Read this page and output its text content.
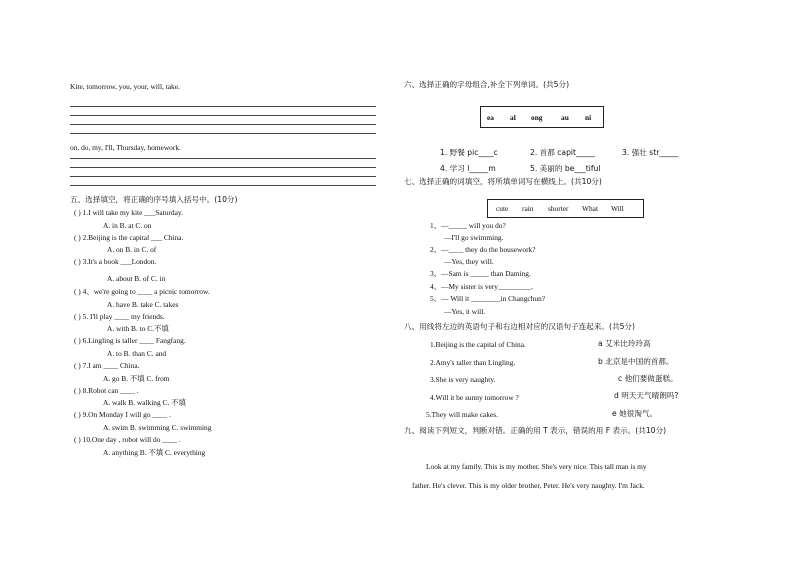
Kite, tomorrow, you, your, will, take.
on, do, my, I'll, Thursday, homework.
五、选择填空，将正确的序号填入括号中。(10分)
( ) 1.I will take my kite ___Saturday.
A. in B. at C. on
( ) 2.Beijing is the capital ___ China.
A. on B. in C. of
( ) 3.It's a book ___London.
A. about B. of C. in
( ) 4、we're going to ____ a picnic tomorrow.
A. have B. take C. takes
( ) 5. I'll play ____ my friends.
A. with B. to C.不填
( ) 6.Lingling is taller ____ Fangfang.
A. to B. than C. and
( ) 7.I am ____ China.
A. go B. 不填 C. from
( ) 8.Robot can ____ .
A. walk B. walking C. 不填
( ) 9.On Monday I will go ____ .
A. swim B. swimming C. swimming
( ) 10.One day , robot will do ____ .
A. anything B. 不填 C. everything
六、选择正确的字母组合,补全下列单词。(共5分)
ea al ong au ni
1. 野餐 pic____c	2. 首都 capit_____	3. 强壮 str_____
4. 学习 l_____m	5. 美丽的 be___tiful
七、选择正确的词填空，将所填单词写在横线上。(共10分)
cute rain shorter What Will
1、—_____ will you do?
—I'll go swimming.
2、—____ they do the housework?
—Yes, they will.
3、—Sam is _____ than Daming.
4、—My sister is very_________.
5、— Will it ________in Changchun?
—Yes, it will.
八、用线将左边的英语句子和右边相对应的汉语句子连起来。(共5分)
1.Beijing is the capital of China.
2.Amy's taller than Lingling.
3.She is very naughty.
4.Will it be sunny tomorrow ?
5.They will make cakes.
a 艾米比玲玲高
b 北京是中国的首都。
c 他们要做蛋糕。
d 明天天气晴朗吗?
e 她很淘气。
九、阅读下列短文，判断对错。正确的用 T 表示，错误的用 F 表示。(共10分)
Look at my family. This is my mother. She's very nice. This tall man is my
father. He's clever. This is my older brother, Peter. He's very naughty. I'm Jack.
